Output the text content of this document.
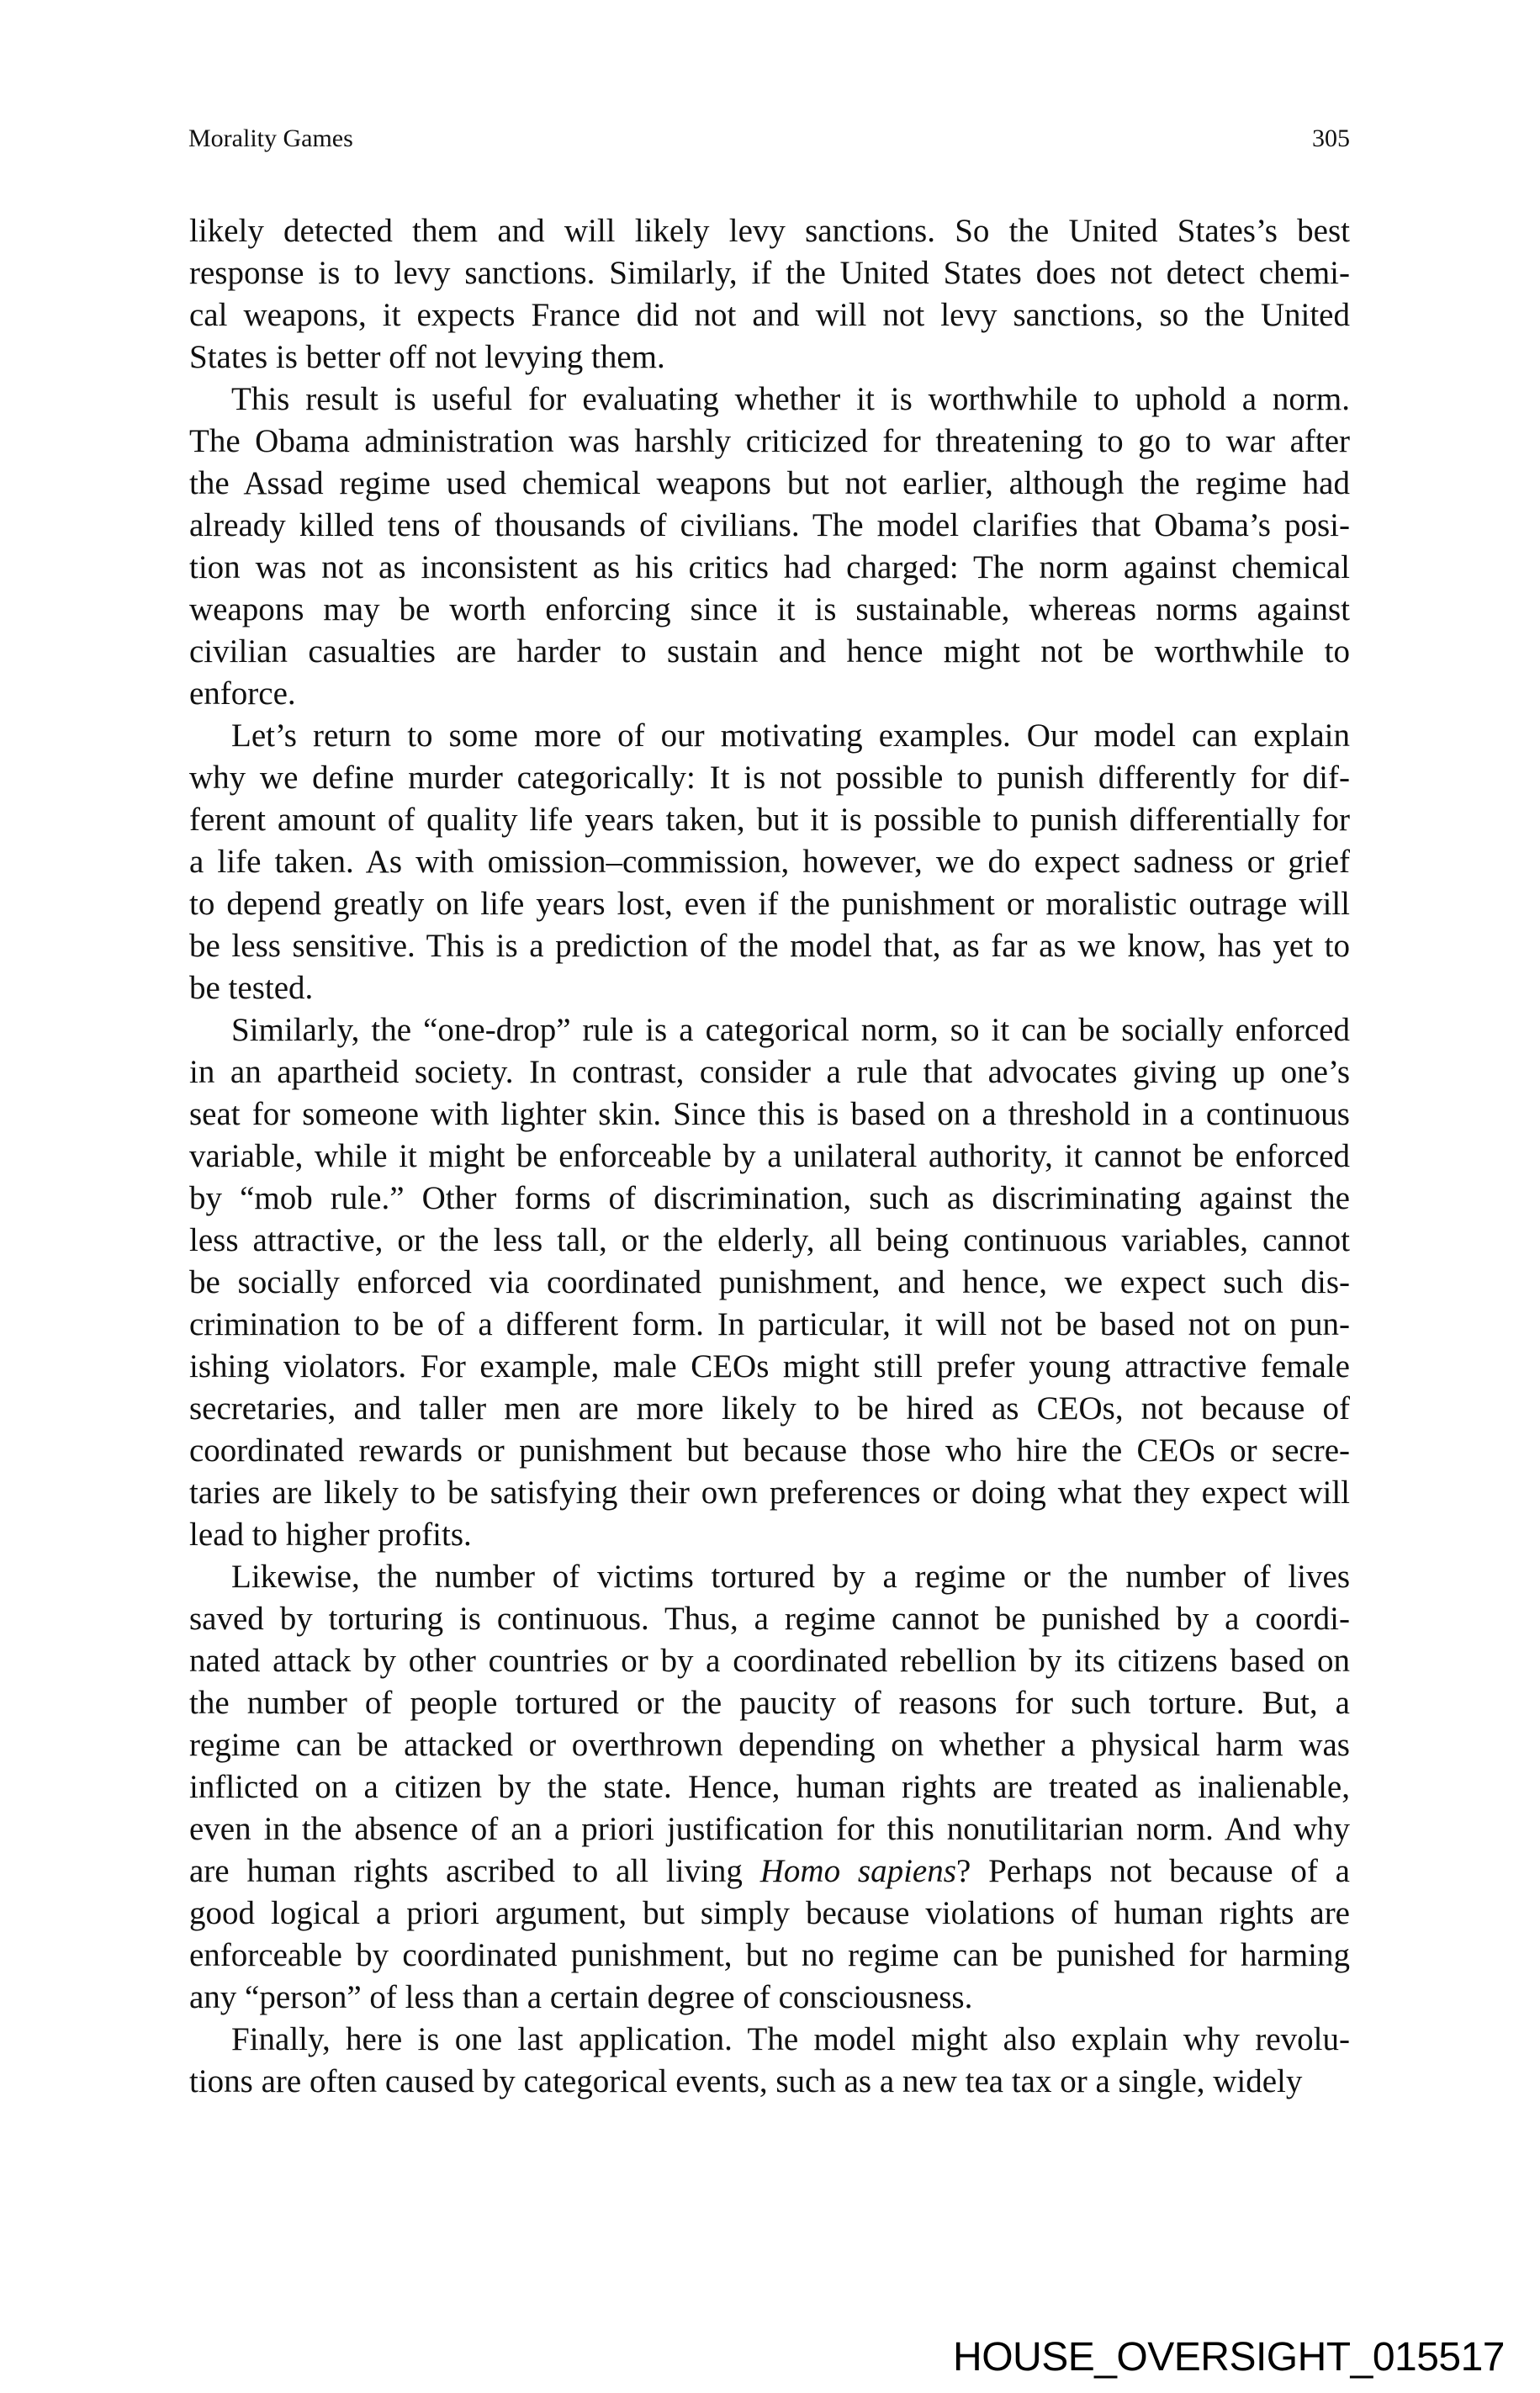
Morality Games	305
likely detected them and will likely levy sanctions. So the United States’s best
response is to levy sanctions. Similarly, if the United States does not detect chemi-
cal weapons, it expects France did not and will not levy sanctions, so the United
States is better off not levying them.
This result is useful for evaluating whether it is worthwhile to uphold a norm.
The Obama administration was harshly criticized for threatening to go to war after
the Assad regime used chemical weapons but not earlier, although the regime had
already killed tens of thousands of civilians. The model clarifies that Obama’s posi-
tion was not as inconsistent as his critics had charged: The norm against chemical
weapons may be worth enforcing since it is sustainable, whereas norms against
civilian casualties are harder to sustain and hence might not be worthwhile to
enforce.
Let’s return to some more of our motivating examples. Our model can explain
why we define murder categorically: It is not possible to punish differently for dif-
ferent amount of quality life years taken, but it is possible to punish differentially for
a life taken. As with omission–commission, however, we do expect sadness or grief
to depend greatly on life years lost, even if the punishment or moralistic outrage will
be less sensitive. This is a prediction of the model that, as far as we know, has yet to
be tested.
Similarly, the “one-drop” rule is a categorical norm, so it can be socially enforced
in an apartheid society. In contrast, consider a rule that advocates giving up one’s
seat for someone with lighter skin. Since this is based on a threshold in a continuous
variable, while it might be enforceable by a unilateral authority, it cannot be enforced
by “mob rule.” Other forms of discrimination, such as discriminating against the
less attractive, or the less tall, or the elderly, all being continuous variables, cannot
be socially enforced via coordinated punishment, and hence, we expect such dis-
crimination to be of a different form. In particular, it will not be based not on pun-
ishing violators. For example, male CEOs might still prefer young attractive female
secretaries, and taller men are more likely to be hired as CEOs, not because of
coordinated rewards or punishment but because those who hire the CEOs or secre-
taries are likely to be satisfying their own preferences or doing what they expect will
lead to higher profits.
Likewise, the number of victims tortured by a regime or the number of lives
saved by torturing is continuous. Thus, a regime cannot be punished by a coordi-
nated attack by other countries or by a coordinated rebellion by its citizens based on
the number of people tortured or the paucity of reasons for such torture. But, a
regime can be attacked or overthrown depending on whether a physical harm was
inflicted on a citizen by the state. Hence, human rights are treated as inalienable,
even in the absence of an a priori justification for this nonutilitarian norm. And why
are human rights ascribed to all living Homo sapiens? Perhaps not because of a
good logical a priori argument, but simply because violations of human rights are
enforceable by coordinated punishment, but no regime can be punished for harming
any “person” of less than a certain degree of consciousness.
Finally, here is one last application. The model might also explain why revolu-
tions are often caused by categorical events, such as a new tea tax or a single, widely
HOUSE_OVERSIGHT_015517
